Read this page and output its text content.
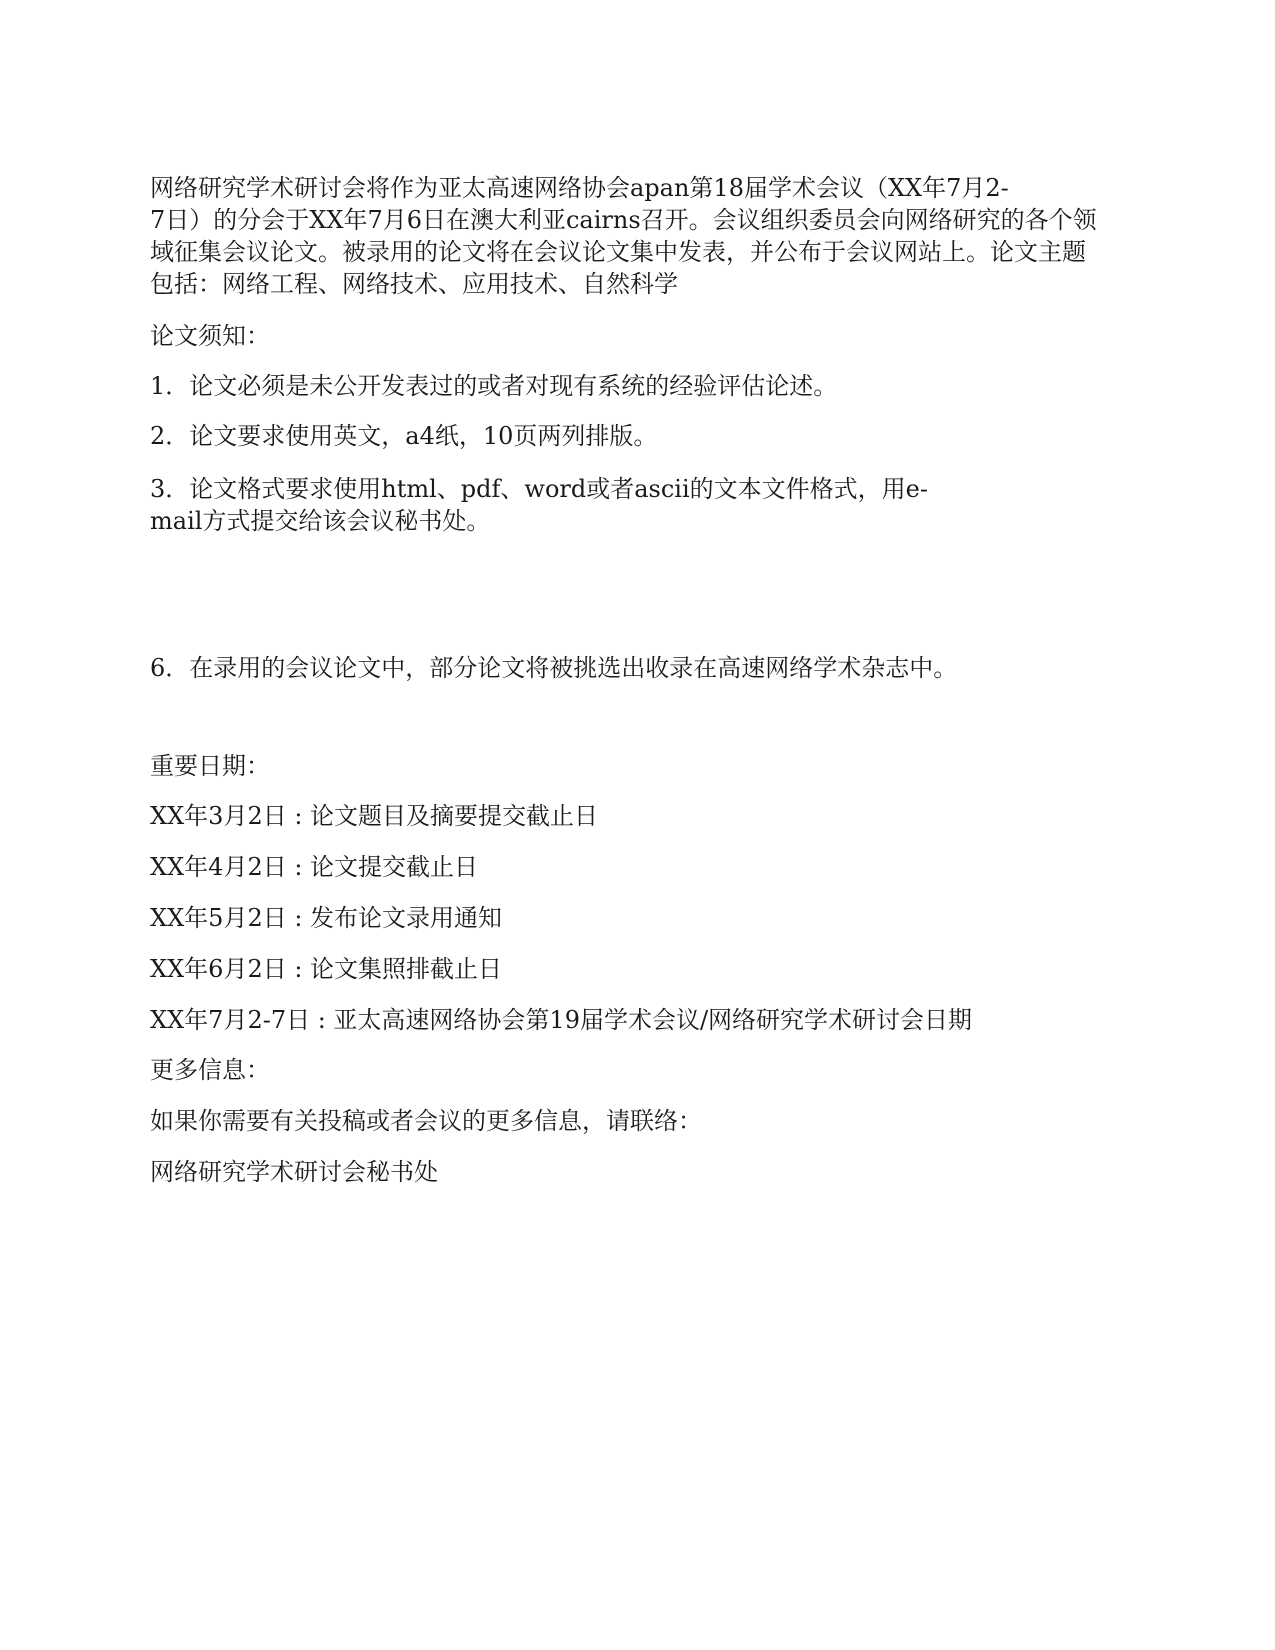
网络研究学术研讨会将作为亚太高速网络协会apan第18届学术会议（XX年7月2-
7日）的分会于XX年7月6日在澳大利亚cairns召开。会议组织委员会向网络研究的各个领
域征集会议论文。被录用的论文将在会议论文集中发表，并公布于会议网站上。论文主题
包括：网络工程、网络技术、应用技术、自然科学

论文须知：

1．论文必须是未公开发表过的或者对现有系统的经验评估论述。

2．论文要求使用英文，a4纸，10页两列排版。

3．论文格式要求使用html、pdf、word或者ascii的文本文件格式，用e-
mail方式提交给该会议秘书处。

6．在录用的会议论文中，部分论文将被挑选出收录在高速网络学术杂志中。

重要日期：

XX年3月2日 : 论文题目及摘要提交截止日

XX年4月2日 : 论文提交截止日

XX年5月2日 : 发布论文录用通知

XX年6月2日 : 论文集照排截止日

XX年7月2-7日 : 亚太高速网络协会第19届学术会议/网络研究学术研讨会日期

更多信息：

如果你需要有关投稿或者会议的更多信息，请联络：

网络研究学术研讨会秘书处
